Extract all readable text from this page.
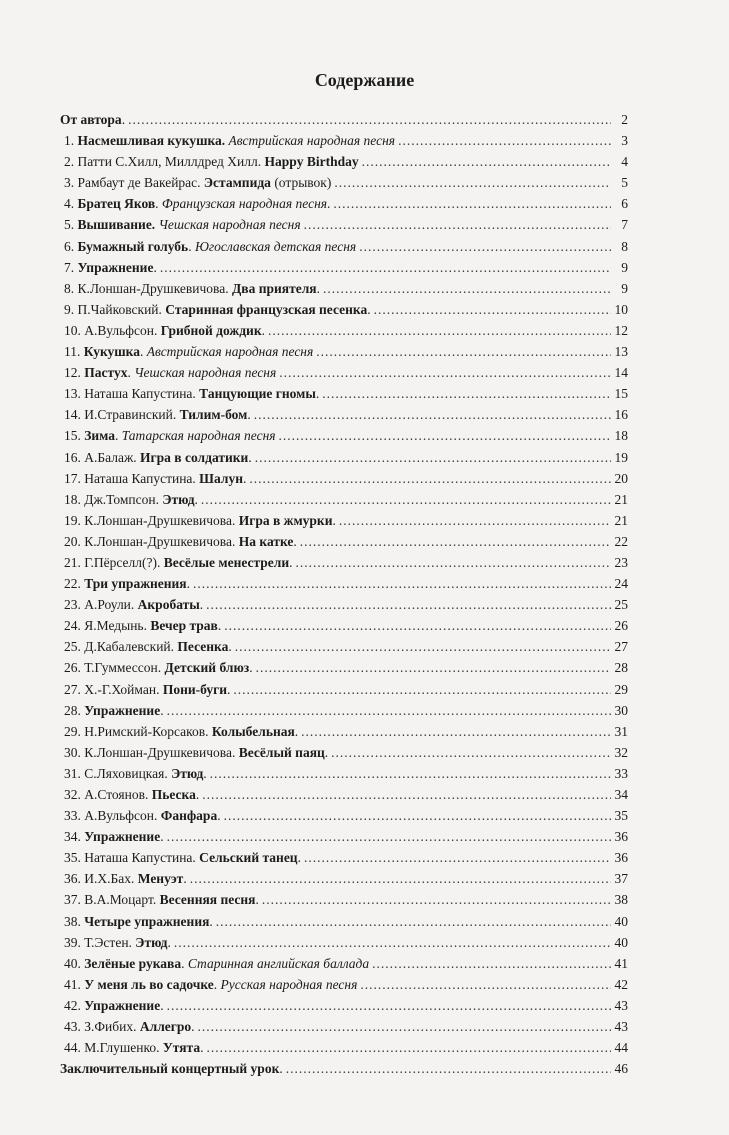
Содержание
От автора. .....	2
1. Насмешливая кукушка. Австрийская народная песня .....	3
2. Патти С.Хилл, Миллдред Хилл. Happy Birthday .....	4
3. Рамбаут де Вакейрас. Эстампида (отрывок) .....	5
4. Братец Яков. Французская народная песня. .....	6
5. Вышивание. Чешская народная песня .....	7
6. Бумажный голубь. Югославская детская песня .....	8
7. Упражнение. .....	9
8. К.Лоншан-Друшкевичова. Два приятеля. .....	9
9. П.Чайковский. Старинная французская песенка. .....	10
10. А.Вульфсон. Грибной дождик. .....	12
11. Кукушка. Австрийская народная песня .....	13
12. Пастух. Чешская народная песня .....	14
13. Наташа Капустина. Танцующие гномы. .....	15
14. И.Стравинский. Тилим-бом. .....	16
15. Зима. Татарская народная песня .....	18
16. А.Балаж. Игра в солдатики. .....	19
17. Наташа Капустина. Шалун. .....	20
18. Дж.Томпсон. Этюд. .....	21
19. К.Лоншан-Друшкевичова. Игра в жмурки. .....	21
20. К.Лоншан-Друшкевичова. На катке. .....	22
21. Г.Пёрселл(?). Весёлые менестрели. .....	23
22. Три упражнения. .....	24
23. А.Роули. Акробаты. .....	25
24. Я.Медынь. Вечер трав. .....	26
25. Д.Кабалевский. Песенка. .....	27
26. Т.Гуммессон. Детский блюз. .....	28
27. Х.-Г.Хойман. Пони-буги. .....	29
28. Упражнение. .....	30
29. Н.Римский-Корсаков. Колыбельная. .....	31
30. К.Лоншан-Друшкевичова. Весёлый паяц. .....	32
31. С.Ляховицкая. Этюд. .....	33
32. А.Стоянов. Пьеска. .....	34
33. А.Вульфсон. Фанфара. .....	35
34. Упражнение. .....	36
35. Наташа Капустина. Сельский танец. .....	36
36. И.Х.Бах. Менуэт. .....	37
37. В.А.Моцарт. Весенняя песня. .....	38
38. Четыре упражнения. .....	40
39. Т.Эстен. Этюд. .....	40
40. Зелёные рукава. Старинная английская баллада .....	41
41. У меня ль во садочке. Русская народная песня .....	42
42. Упражнение. .....	43
43. З.Фибих. Аллегро. .....	43
44. М.Глушенко. Утята. .....	44
Заключительный концертный урок. .....	46
